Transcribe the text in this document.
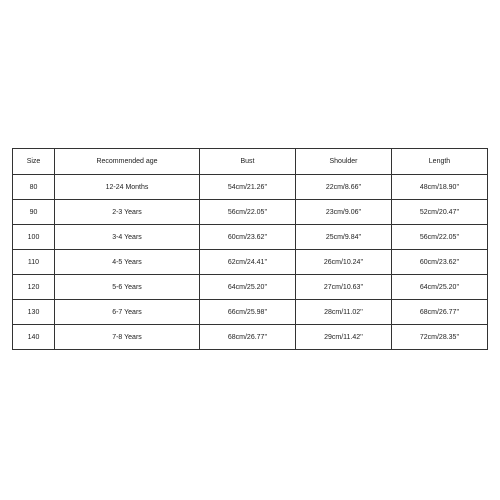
Size	Recommended age	Bust	Shoulder	Length
80	12-24 Months	54cm/21.26''	22cm/8.66''	48cm/18.90''
90	2-3 Years	56cm/22.05''	23cm/9.06''	52cm/20.47''
100	3-4 Years	60cm/23.62''	25cm/9.84''	56cm/22.05''
110	4-5 Years	62cm/24.41''	26cm/10.24''	60cm/23.62''
120	5-6 Years	64cm/25.20''	27cm/10.63''	64cm/25.20''
130	6-7 Years	66cm/25.98''	28cm/11.02''	68cm/26.77''
140	7-8 Years	68cm/26.77''	29cm/11.42''	72cm/28.35''
